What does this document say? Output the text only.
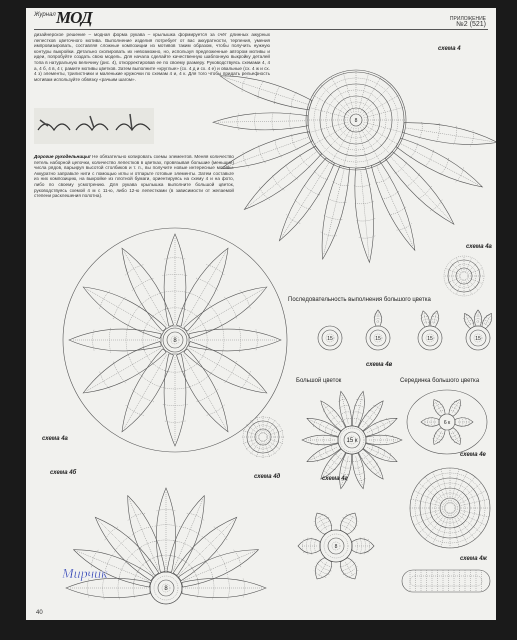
Журнал МОД	ПРИЛОЖЕНИЕ
№2 (521)
дизайнерское решение – модная форма рукава – крылышка формируется за счёт длинных ажурных лепестков цветочного мотива. Выполнение изделия потребует от вас аккуратности, терпения, умения импровизировать, составляя сложные композиции из мотивов таким образом, чтобы получить нужную контуры выкройки. Детально скопировать их невозможно, но, используя предложенные автором мотивы и идеи, попробуйте создать свою модель. Для начала сделайте качественную шаблонную выкройку деталей топа в натуральную величину (рис. 4), откорректировав ее по своему размеру. Руководствуясь схемами 4, 4 а, 4 б, 4 в, 4 г, рамите мотивы цветков. Затем выполните «круглые» (сх. 4 д и сх. 4 е) и овальные (сх. 4 ж и сх. 4 з) элементы, трилистники и маленькие кружочки по схемам 4 и, 4 к. Для того чтобы придать рельефность мотивам используйте обвязку «рачьим шагом».
Дорогие рукодельницы! Не обязательно копировать схемы элементов. Меняя количество петель наборной цепочки, количество лепестков в цветках, провязывая большие (меньшие) числа рядов, варьируя высотой столбиков и т. п., вы получите новые интересные мотивы. Аккуратно заправьте нити с помощью иглы и отпарьте готовые элементы. Затем составьте из них композицию, на выкройке из плотной бумаги, ориентируясь на схему 4 и на фото, либо по своему усмотрению. Для рукава крылышка выполните большой цветок, руководствуясь схемой 4 м с 11-ю, либо 12-ю лепестками (в зависимости от желаемой степени расклешения полотна).
8
схема 4
схема 4а
8
схема 4а
Последовательность выполнения большого цветка
15	15	15	15
схема 4в
Большой цветок	Серединка большого цветка
15 к
6 к
схема 4д
8
схема 4г
схема 4е
схема 4ж
8
схема 4б
Мирчик
40
